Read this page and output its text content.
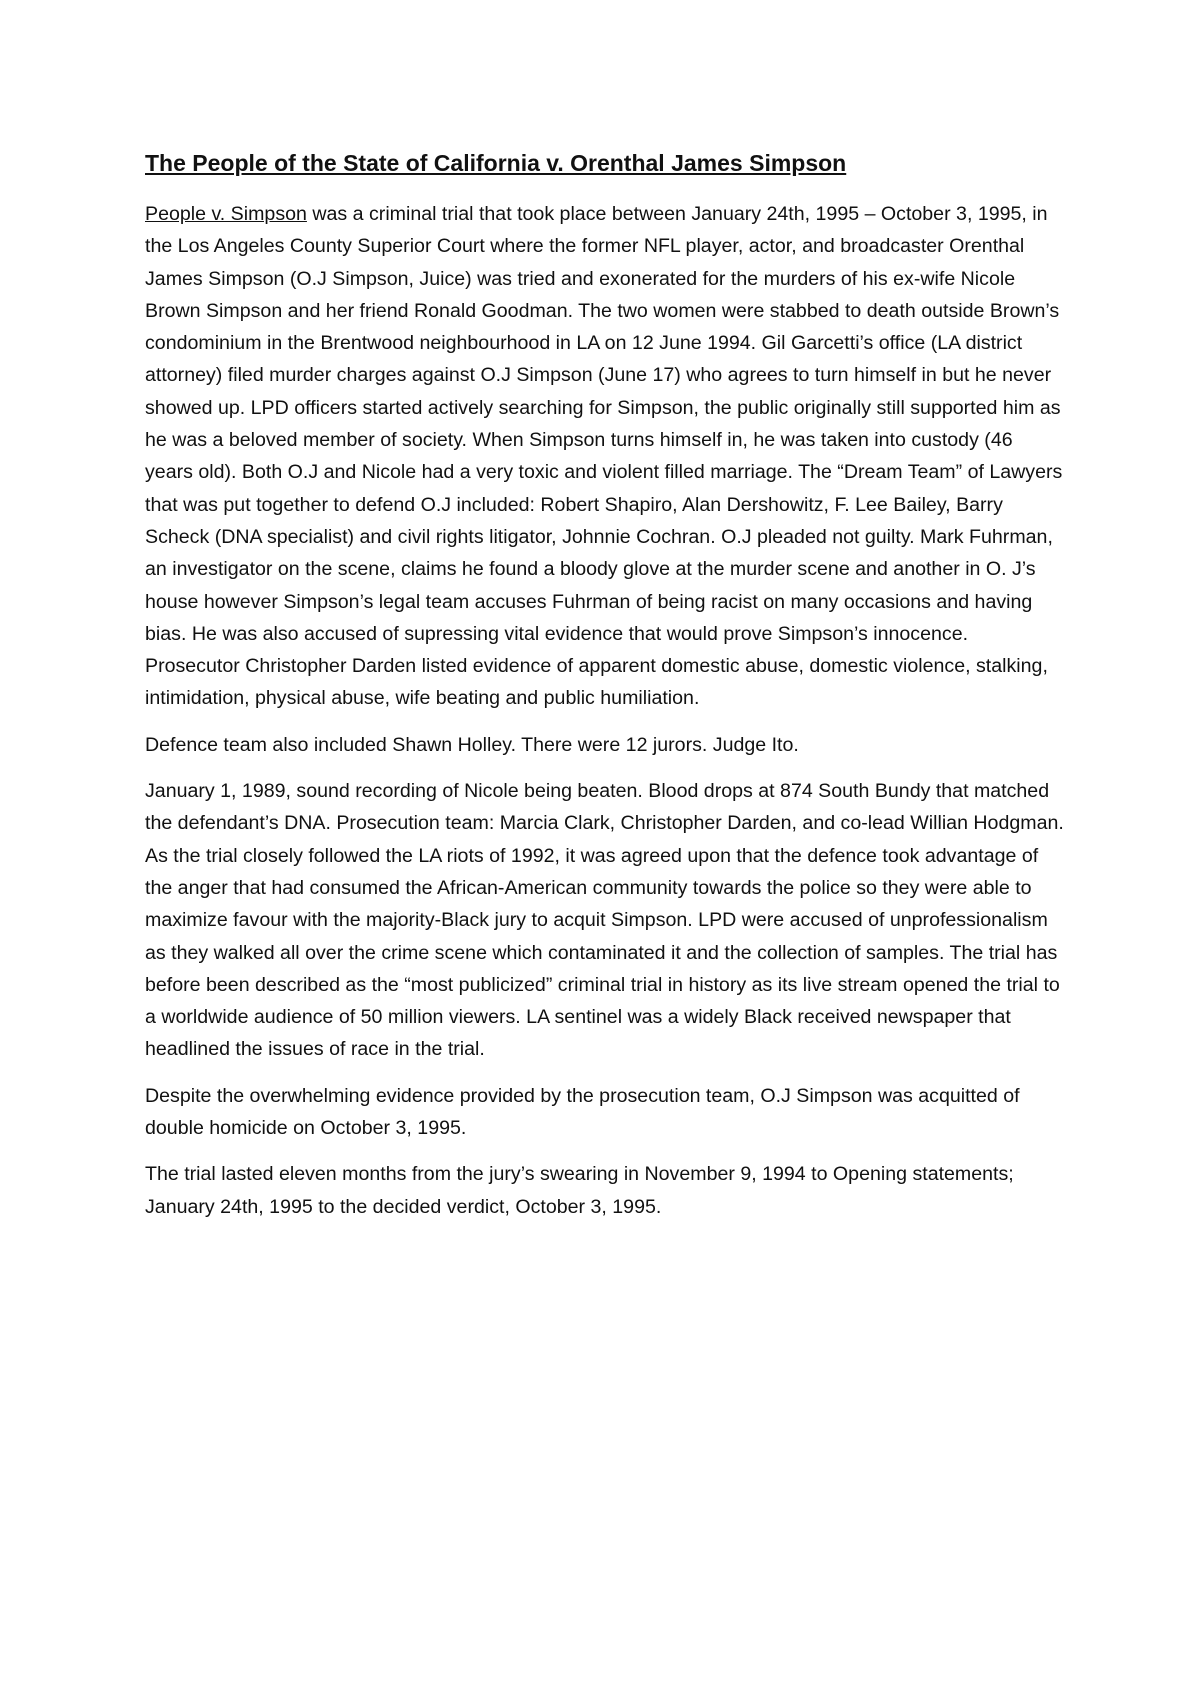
The People of the State of California v. Orenthal James Simpson

People v. Simpson was a criminal trial that took place between January 24th, 1995 – October 3, 1995, in the Los Angeles County Superior Court where the former NFL player, actor, and broadcaster Orenthal James Simpson (O.J Simpson, Juice) was tried and exonerated for the murders of his ex-wife Nicole Brown Simpson and her friend Ronald Goodman. The two women were stabbed to death outside Brown’s condominium in the Brentwood neighbourhood in LA on 12 June 1994. Gil Garcetti’s office (LA district attorney) filed murder charges against O.J Simpson (June 17) who agrees to turn himself in but he never showed up. LPD officers started actively searching for Simpson, the public originally still supported him as he was a beloved member of society. When Simpson turns himself in, he was taken into custody (46 years old). Both O.J and Nicole had a very toxic and violent filled marriage. The “Dream Team” of Lawyers that was put together to defend O.J included: Robert Shapiro, Alan Dershowitz, F. Lee Bailey, Barry Scheck (DNA specialist) and civil rights litigator, Johnnie Cochran. O.J pleaded not guilty. Mark Fuhrman, an investigator on the scene, claims he found a bloody glove at the murder scene and another in O. J’s house however Simpson’s legal team accuses Fuhrman of being racist on many occasions and having bias. He was also accused of supressing vital evidence that would prove Simpson’s innocence. Prosecutor Christopher Darden listed evidence of apparent domestic abuse, domestic violence, stalking, intimidation, physical abuse, wife beating and public humiliation.

Defence team also included Shawn Holley. There were 12 jurors. Judge Ito.

January 1, 1989, sound recording of Nicole being beaten. Blood drops at 874 South Bundy that matched the defendant’s DNA. Prosecution team: Marcia Clark, Christopher Darden, and co-lead Willian Hodgman. As the trial closely followed the LA riots of 1992, it was agreed upon that the defence took advantage of the anger that had consumed the African-American community towards the police so they were able to maximize favour with the majority-Black jury to acquit Simpson. LPD were accused of unprofessionalism as they walked all over the crime scene which contaminated it and the collection of samples. The trial has before been described as the “most publicized” criminal trial in history as its live stream opened the trial to a worldwide audience of 50 million viewers. LA sentinel was a widely Black received newspaper that headlined the issues of race in the trial.

Despite the overwhelming evidence provided by the prosecution team, O.J Simpson was acquitted of double homicide on October 3, 1995.

The trial lasted eleven months from the jury’s swearing in November 9, 1994 to Opening statements; January 24th, 1995 to the decided verdict, October 3, 1995.
